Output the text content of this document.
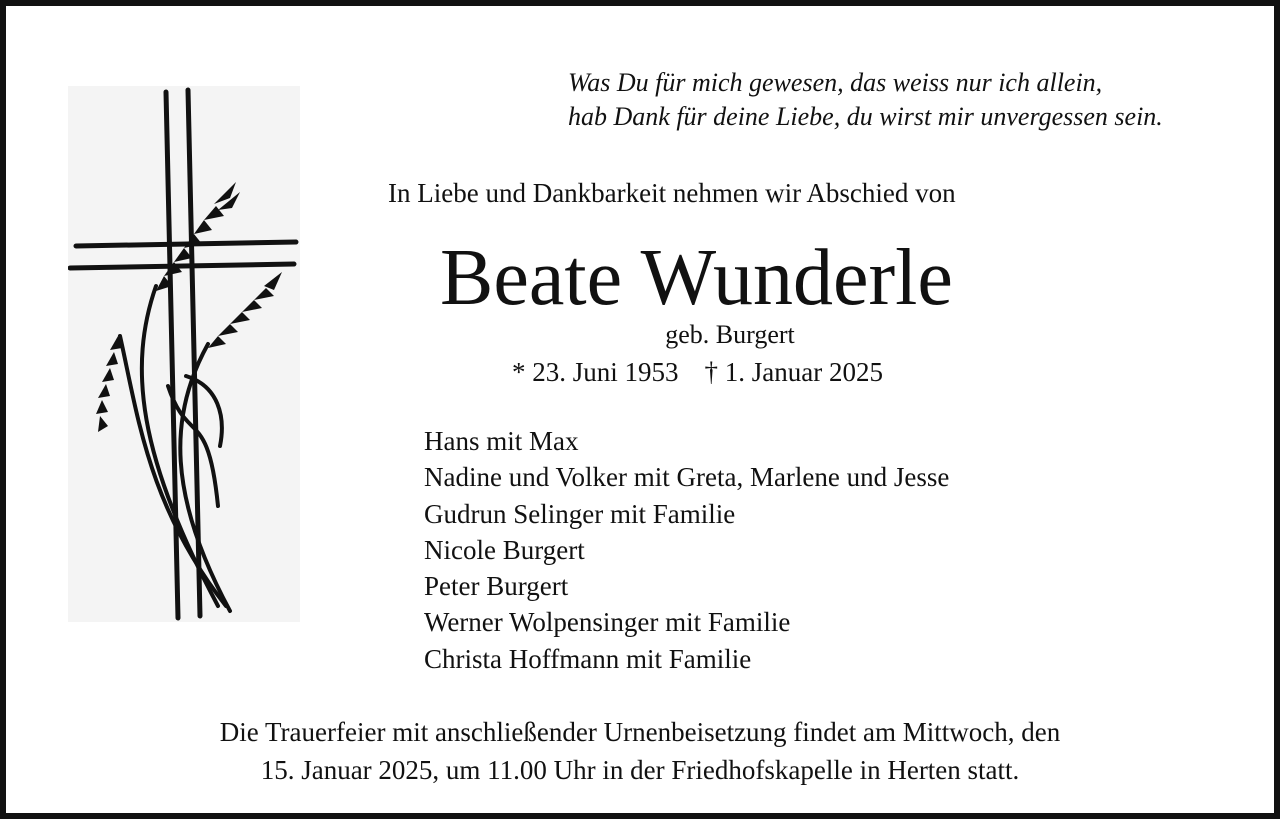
Was Du für mich gewesen, das weiss nur ich allein,
hab Dank für deine Liebe, du wirst mir unvergessen sein.
In Liebe und Dankbarkeit nehmen wir Abschied von
Beate Wunderle
geb. Burgert
* 23. Juni 1953 † 1. Januar 2025
Hans mit Max
Nadine und Volker mit Greta, Marlene und Jesse
Gudrun Selinger mit Familie
Nicole Burgert
Peter Burgert
Werner Wolpensinger mit Familie
Christa Hoffmann mit Familie
Die Trauerfeier mit anschließender Urnenbeisetzung findet am Mittwoch, den
15. Januar 2025, um 11.00 Uhr in der Friedhofskapelle in Herten statt.
